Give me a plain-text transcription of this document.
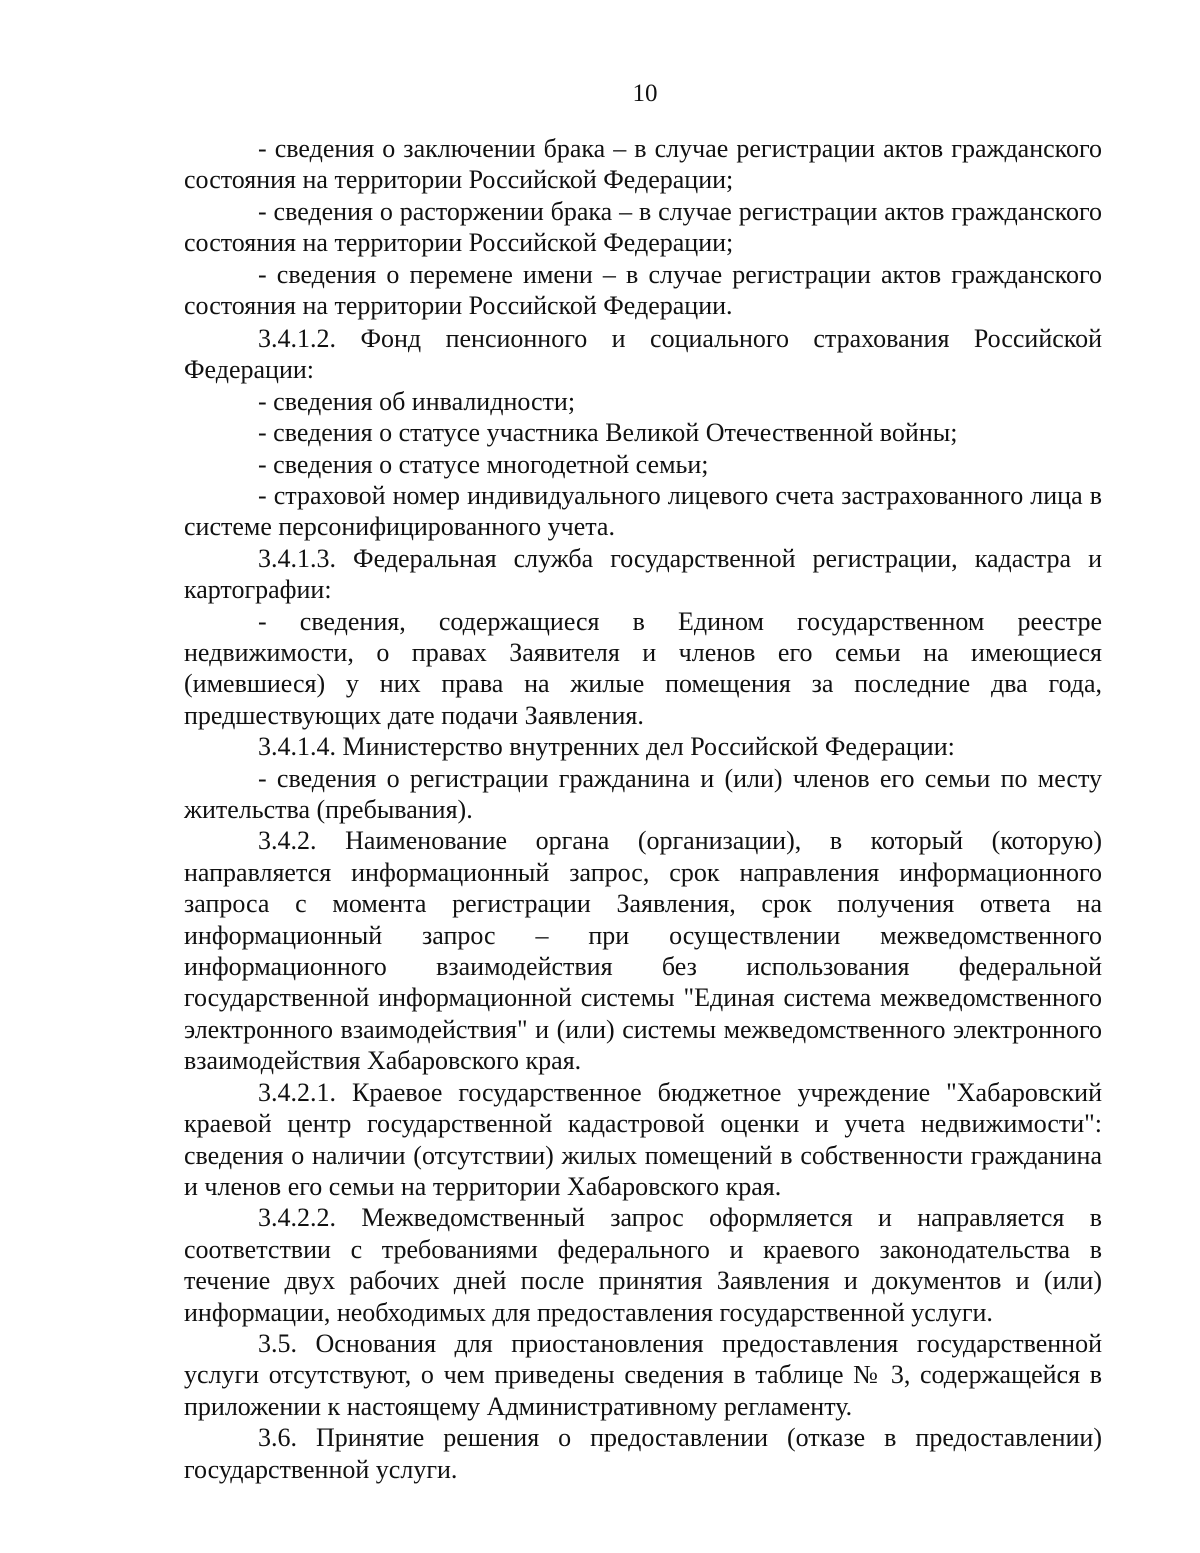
10

- сведения о заключении брака – в случае регистрации актов гражданского состояния на территории Российской Федерации;

- сведения о расторжении брака – в случае регистрации актов гражданского состояния на территории Российской Федерации;

- сведения о перемене имени – в случае регистрации актов гражданского состояния на территории Российской Федерации.

3.4.1.2. Фонд пенсионного и социального страхования Российской Федерации:

- сведения об инвалидности;

- сведения о статусе участника Великой Отечественной войны;

- сведения о статусе многодетной семьи;

- страховой номер индивидуального лицевого счета застрахованного лица в системе персонифицированного учета.

3.4.1.3. Федеральная служба государственной регистрации, кадастра и картографии:

- сведения, содержащиеся в Едином государственном реестре недвижимости, о правах Заявителя и членов его семьи на имеющиеся (имевшиеся) у них права на жилые помещения за последние два года, предшествующих дате подачи Заявления.

3.4.1.4. Министерство внутренних дел Российской Федерации:

- сведения о регистрации гражданина и (или) членов его семьи по месту жительства (пребывания).

3.4.2. Наименование органа (организации), в который (которую) направляется информационный запрос, срок направления информационного запроса с момента регистрации Заявления, срок получения ответа на информационный запрос – при осуществлении межведомственного информационного взаимодействия без использования федеральной государственной информационной системы "Единая система межведомственного электронного взаимодействия" и (или) системы межведомственного электронного взаимодействия Хабаровского края.

3.4.2.1. Краевое государственное бюджетное учреждение "Хабаровский краевой центр государственной кадастровой оценки и учета недвижимости": сведения о наличии (отсутствии) жилых помещений в собственности гражданина и членов его семьи на территории Хабаровского края.

3.4.2.2. Межведомственный запрос оформляется и направляется в соответствии с требованиями федерального и краевого законодательства в течение двух рабочих дней после принятия Заявления и документов и (или) информации, необходимых для предоставления государственной услуги.

3.5. Основания для приостановления предоставления государственной услуги отсутствуют, о чем приведены сведения в таблице № 3, содержащейся в приложении к настоящему Административному регламенту.

3.6. Принятие решения о предоставлении (отказе в предоставлении) государственной услуги.
